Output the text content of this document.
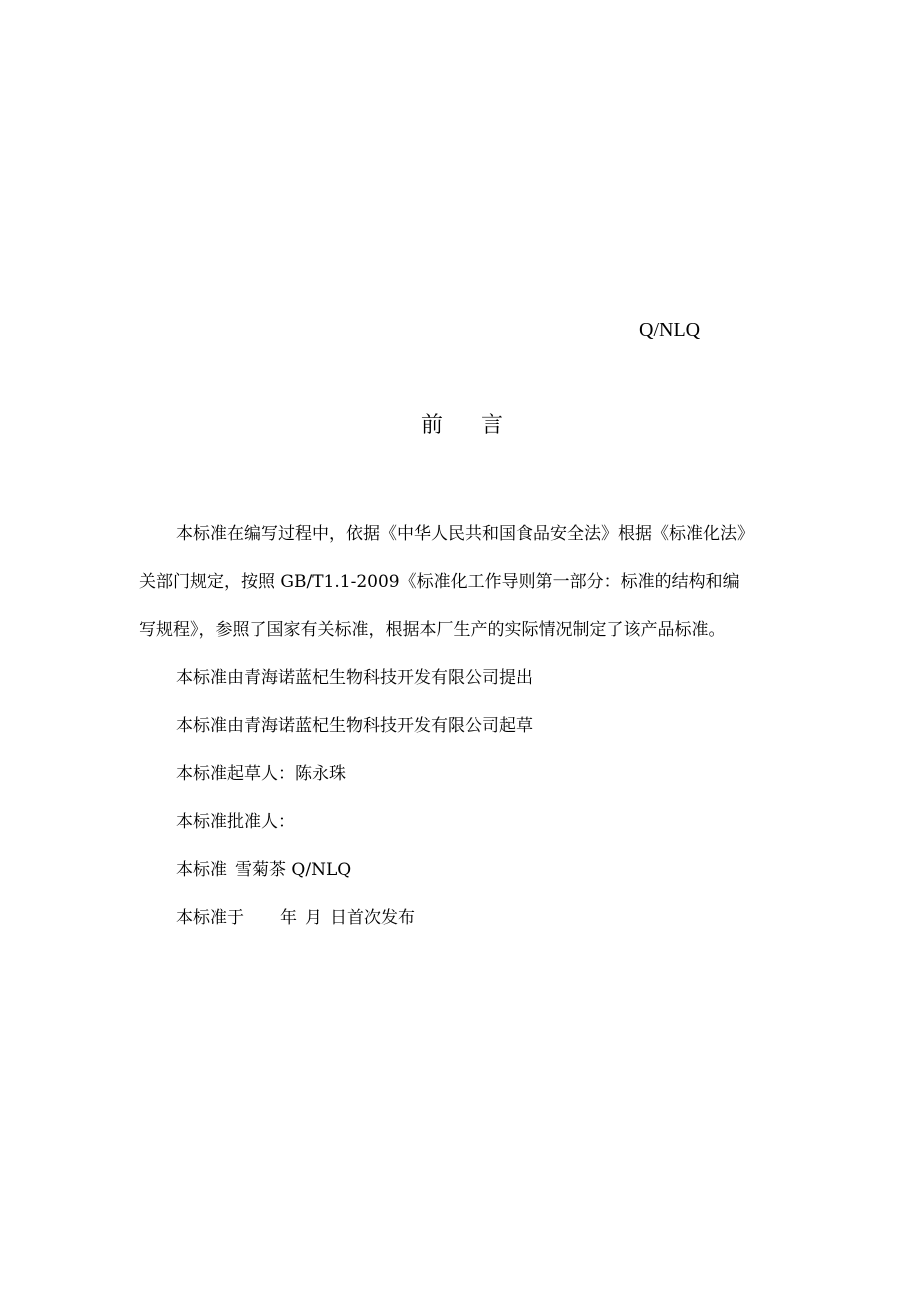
Q/NLQ
前 言
本标准在编写过程中，依据《中华人民共和国食品安全法》根据《标准化法》
关部门规定，按照 GB/T1.1-2009《标准化工作导则第一部分：标准的结构和编
写规程》，参照了国家有关标准，根据本厂生产的实际情况制定了该产品标准。
本标准由青海诺蓝杞生物科技开发有限公司提出
本标准由青海诺蓝杞生物科技开发有限公司起草
本标准起草人：陈永珠
本标准批准人：
本标准 雪菊茶 Q/NLQ
本标准于 年 月 日首次发布
